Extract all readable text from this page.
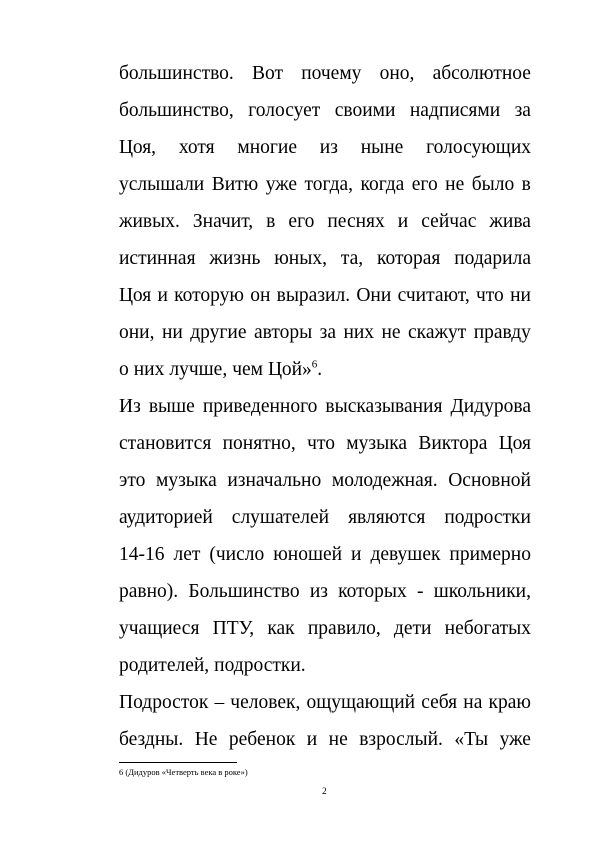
большинство. Вот почему оно, абсолютное
большинство, голосует своими надписями за
Цоя, хотя многие из ныне голосующих
услышали Витю уже тогда, когда его не было в
живых. Значит, в его песнях и сейчас жива
истинная жизнь юных, та, которая подарила
Цоя и которую он выразил. Они считают, что ни
они, ни другие авторы за них не скажут правду
о них лучше, чем Цой»$^6$.
Из выше приведенного высказывания Дидурова
становится понятно, что музыка Виктора Цоя
это музыка изначально молодежная. Основной
аудиторией слушателей являются подростки
14-16 лет (число юношей и девушек примерно
равно). Большинство из которых - школьники,
учащиеся ПТУ, как правило, дети небогатых
родителей, подростки.
Подросток – человек, ощущающий себя на краю
бездны. Не ребенок и не взрослый. «Ты уже
6 (Дидуров «Четверть века в роке»)
2
